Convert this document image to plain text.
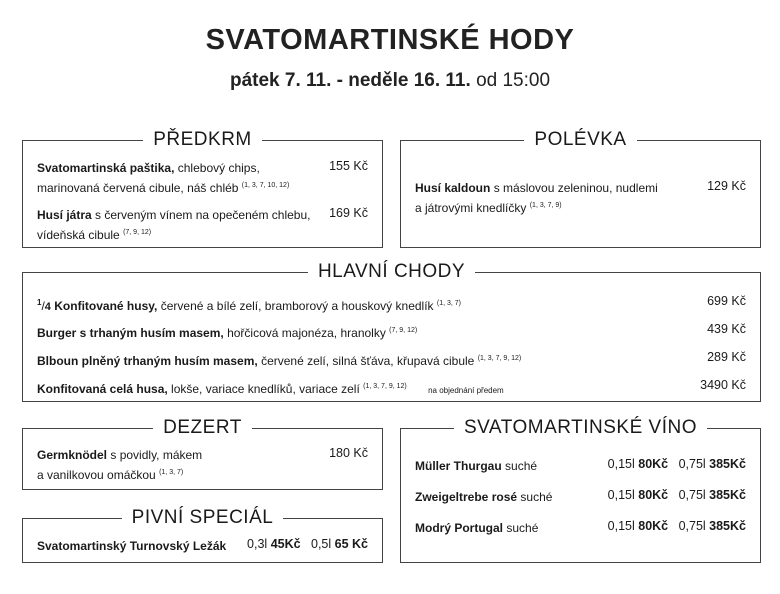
SVATOMARTINSKÉ HODY
pátek 7. 11. - neděle 16. 11. od 15:00
PŘEDKRM
Svatomartinská paštika, chlebový chips,
marinovaná červená cibule, náš chléb $^{(1, 3, 7, 10, 12)}$
155 Kč
Husí játra s červeným vínem na opečeném chlebu,
vídeňská cibule $^{(7, 9, 12)}$
169 Kč
POLÉVKA
Husí kaldoun s máslovou zeleninou, nudlemi
a játrovými knedlíčky $^{(1, 3, 7, 9)}$
129 Kč
HLAVNÍ CHODY
$^1$/4 Konfitované husy, červené a bílé zelí, bramborový a houskový knedlík $^{(1, 3, 7)}$	699 Kč
Burger s trhaným husím masem, hořčicová majonéza, hranolky $^{(7, 9, 12)}$	439 Kč
Blboun plněný trhaným husím masem, červené zelí, silná šťáva, křupavá cibule $^{(1, 3, 7, 9, 12)}$	289 Kč
Konfitovaná celá husa, lokše, variace knedlíků, variace zelí $^{(1, 3, 7, 9, 12)}$	na objednání předem	3490 Kč
DEZERT
Germknödel s povidly, mákem
a vanilkovou omáčkou $^{(1, 3, 7)}$
180 Kč
PIVNÍ SPECIÁL
Svatomartinský Turnovský Ležák 0,3l 45Kč 0,5l 65 Kč
SVATOMARTINSKÉ VÍNO
Müller Thurgau suché	0,15l 80Kč 0,75l 385Kč
Zweigeltrebe rosé suché	0,15l 80Kč 0,75l 385Kč
Modrý Portugal suché	0,15l 80Kč 0,75l 385Kč
